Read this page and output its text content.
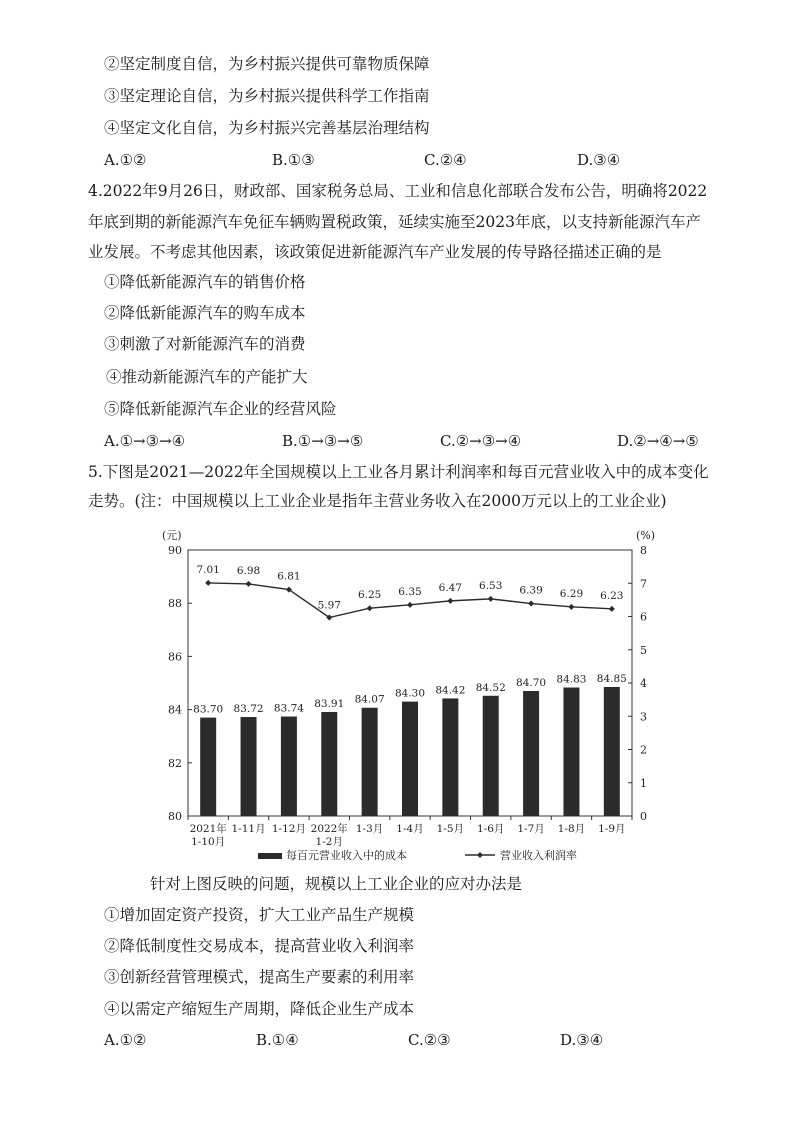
②坚定制度自信，为乡村振兴提供可靠物质保障
③坚定理论自信，为乡村振兴提供科学工作指南
④坚定文化自信，为乡村振兴完善基层治理结构
A.①②	B.①③	C.②④	D.③④
4.2022年9月26日，财政部、国家税务总局、工业和信息化部联合发布公告，明确将2022
年底到期的新能源汽车免征车辆购置税政策，延续实施至2023年底，以支持新能源汽车产
业发展。不考虑其他因素，该政策促进新能源汽车产业发展的传导路径描述正确的是
①降低新能源汽车的销售价格
②降低新能源汽车的购车成本
③刺激了对新能源汽车的消费
④推动新能源汽车的产能扩大
⑤降低新能源汽车企业的经营风险
A.①→③→④	B.①→③→⑤	C.②→③→④	D.②→④→⑤
5.下图是2021—2022年全国规模以上工业各月累计利润率和每百元营业收入中的成本变化
走势。(注：中国规模以上工业企业是指年主营业务收入在2000万元以上的工业企业)
80
82
84
86
88
90
(元)
0
1
2
3
4
5
6
7
8
(%)
2021年
1-10月
1-11月 1-12月 2022年
1-2月
1-3月 1-4月 1-5月 1-6月 1-7月 1-8月 1-9月
83.70 83.72 83.74 83.91 84.07
84.30 84.42 84.52 84.70 84.83 84.85
7.01 6.98 6.81
5.97
6.25 6.35 6.47 6.53 6.39 6.29 6.23
每百元营业收入中的成本	营业收入利润率
针对上图反映的问题，规模以上工业企业的应对办法是
①增加固定资产投资，扩大工业产品生产规模
②降低制度性交易成本，提高营业收入利润率
③创新经营管理模式，提高生产要素的利用率
④以需定产缩短生产周期，降低企业生产成本
A.①②	B.①④	C.②③	D.③④
